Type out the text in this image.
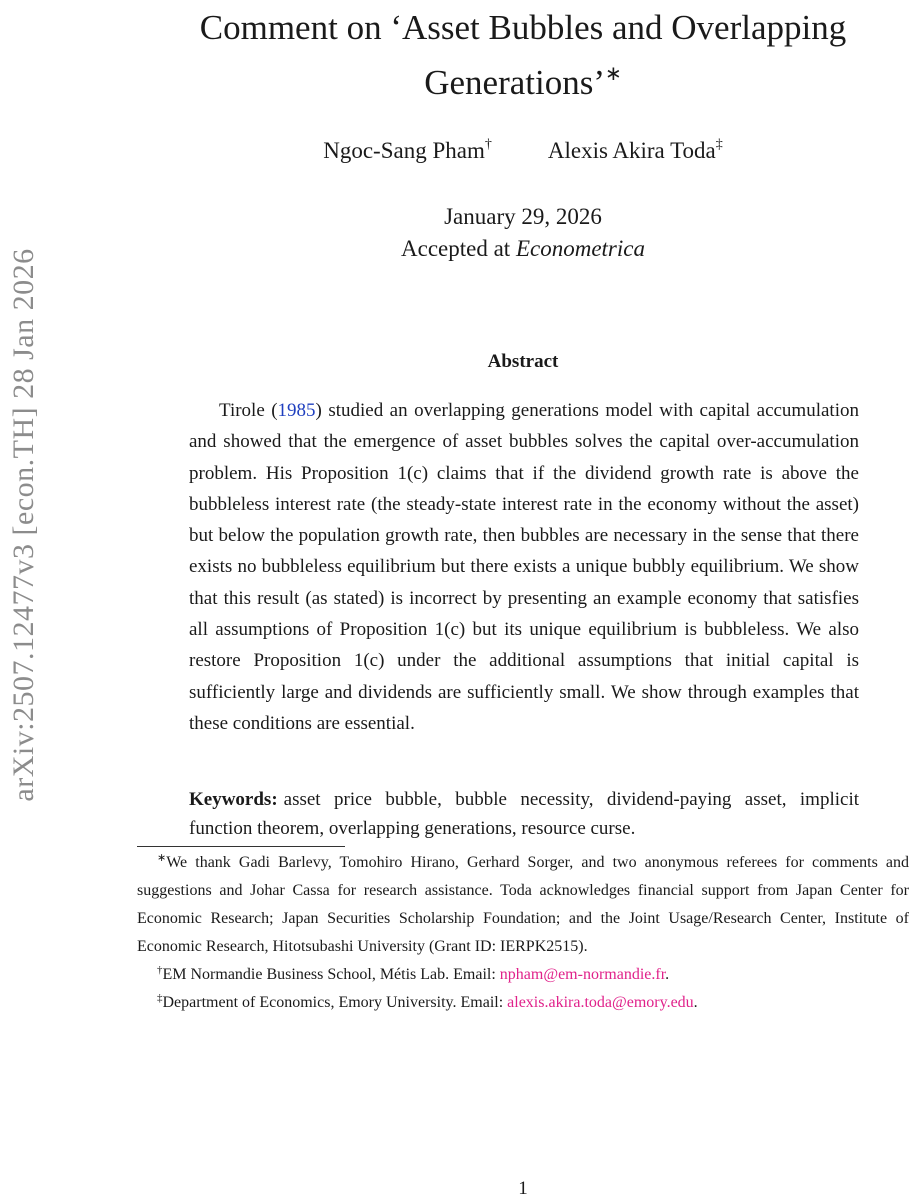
arXiv:2507.12477v3 [econ.TH] 28 Jan 2026
Comment on ‘Asset Bubbles and Overlapping
Generations’∗
Ngoc-Sang Pham† Alexis Akira Toda‡
January 29, 2026
Accepted at Econometrica
Abstract

Tirole (1985) studied an overlapping generations model with capital accumulation and showed that the emergence of asset bubbles solves the capital over-accumulation problem. His Proposition 1(c) claims that if the dividend growth rate is above the bubbleless interest rate (the steady-state interest rate in the economy without the asset) but below the population growth rate, then bubbles are necessary in the sense that there exists no bubbleless equilibrium but there exists a unique bubbly equilibrium. We show that this result (as stated) is incorrect by presenting an example economy that satisfies all assumptions of Proposition 1(c) but its unique equilibrium is bubbleless. We also restore Proposition 1(c) under the additional assumptions that initial capital is sufficiently large and dividends are sufficiently small. We show through examples that these conditions are essential.

Keywords: asset price bubble, bubble necessity, dividend-paying asset, implicit function theorem, overlapping generations, resource curse.

∗We thank Gadi Barlevy, Tomohiro Hirano, Gerhard Sorger, and two anonymous referees for comments and suggestions and Johar Cassa for research assistance. Toda acknowledges financial support from Japan Center for Economic Research; Japan Securities Scholarship Foundation; and the Joint Usage/Research Center, Institute of Economic Research, Hitotsubashi University (Grant ID: IERPK2515).

†EM Normandie Business School, Métis Lab. Email: npham@em-normandie.fr.

‡Department of Economics, Emory University. Email: alexis.akira.toda@emory.edu.

1
